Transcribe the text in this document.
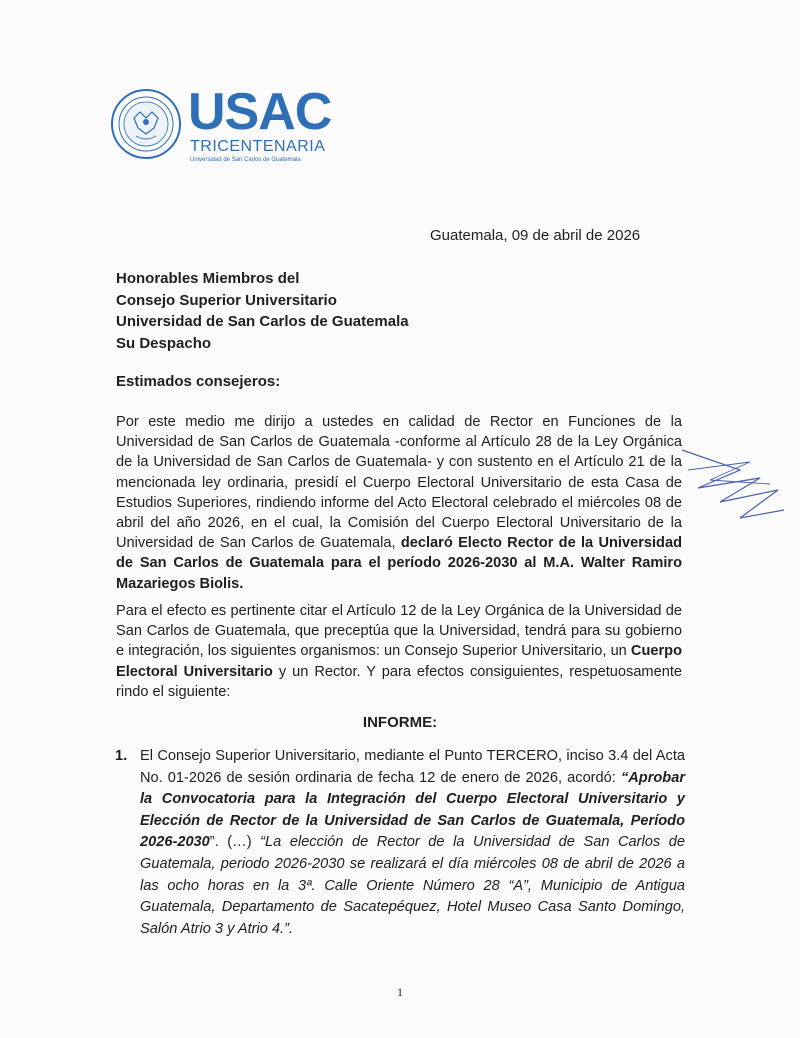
USAC
TRICENTENARIA
Universidad de San Carlos de Guatemala
Guatemala, 09 de abril de 2026
Honorables Miembros del
Consejo Superior Universitario
Universidad de San Carlos de Guatemala
Su Despacho
Estimados consejeros:
Por este medio me dirijo a ustedes en calidad de Rector en Funciones de la Universidad de San Carlos de Guatemala -conforme al Artículo 28 de la Ley Orgánica de la Universidad de San Carlos de Guatemala- y con sustento en el Artículo 21 de la mencionada ley ordinaria, presidí el Cuerpo Electoral Universitario de esta Casa de Estudios Superiores, rindiendo informe del Acto Electoral celebrado el miércoles 08 de abril del año 2026, en el cual, la Comisión del Cuerpo Electoral Universitario de la Universidad de San Carlos de Guatemala, declaró Electo Rector de la Universidad de San Carlos de Guatemala para el período 2026-2030 al M.A. Walter Ramiro Mazariegos Biolis.
Para el efecto es pertinente citar el Artículo 12 de la Ley Orgánica de la Universidad de San Carlos de Guatemala, que preceptúa que la Universidad, tendrá para su gobierno e integración, los siguientes organismos: un Consejo Superior Universitario, un Cuerpo Electoral Universitario y un Rector. Y para efectos consiguientes, respetuosamente rindo el siguiente:
INFORME:
1. El Consejo Superior Universitario, mediante el Punto TERCERO, inciso 3.4 del Acta No. 01-2026 de sesión ordinaria de fecha 12 de enero de 2026, acordó: “Aprobar la Convocatoria para la Integración del Cuerpo Electoral Universitario y Elección de Rector de la Universidad de San Carlos de Guatemala, Período 2026-2030”. (…) “La elección de Rector de la Universidad de San Carlos de Guatemala, periodo 2026-2030 se realizará el día miércoles 08 de abril de 2026 a las ocho horas en la 3ª. Calle Oriente Número 28 “A”, Municipio de Antigua Guatemala, Departamento de Sacatepéquez, Hotel Museo Casa Santo Domingo, Salón Atrio 3 y Atrio 4.”.
1
